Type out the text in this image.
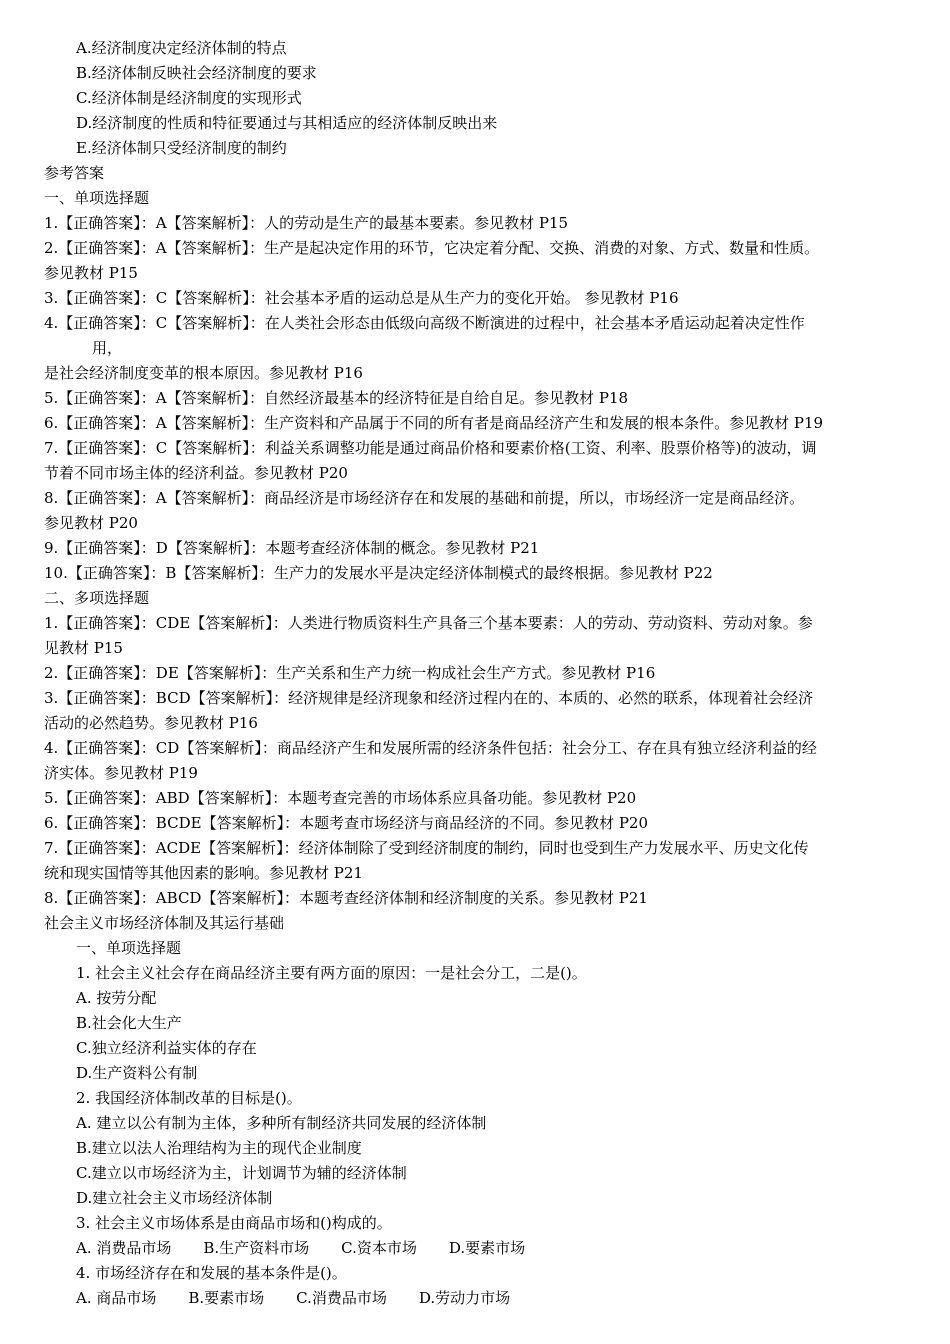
A.经济制度决定经济体制的特点
B.经济体制反映社会经济制度的要求
C.经济体制是经济制度的实现形式
D.经济制度的性质和特征要通过与其相适应的经济体制反映出来
E.经济体制只受经济制度的制约
参考答案
一、单项选择题
1.【正确答案】：A【答案解析】：人的劳动是生产的最基本要素。参见教材 P15
2.【正确答案】：A【答案解析】：生产是起决定作用的环节，它决定着分配、交换、消费的对象、方式、数量和性质。
参见教材 P15
3.【正确答案】：C【答案解析】：社会基本矛盾的运动总是从生产力的变化开始。 参见教材 P16
4.【正确答案】：C【答案解析】：在人类社会形态由低级向高级不断演进的过程中，社会基本矛盾运动起着决定性作
用，
是社会经济制度变革的根本原因。参见教材 P16
5.【正确答案】：A【答案解析】：自然经济最基本的经济特征是自给自足。参见教材 P18
6.【正确答案】：A【答案解析】：生产资料和产品属于不同的所有者是商品经济产生和发展的根本条件。参见教材 P19
7.【正确答案】：C【答案解析】：利益关系调整功能是通过商品价格和要素价格(工资、利率、股票价格等)的波动，调
节着不同市场主体的经济利益。参见教材 P20
8.【正确答案】：A【答案解析】：商品经济是市场经济存在和发展的基础和前提，所以，市场经济一定是商品经济。
参见教材 P20
9.【正确答案】：D【答案解析】：本题考查经济体制的概念。参见教材 P21
10.【正确答案】：B【答案解析】：生产力的发展水平是决定经济体制模式的最终根据。参见教材 P22
二、多项选择题
1.【正确答案】：CDE【答案解析】：人类进行物质资料生产具备三个基本要素：人的劳动、劳动资料、劳动对象。参
见教材 P15
2.【正确答案】：DE【答案解析】：生产关系和生产力统一构成社会生产方式。参见教材 P16
3.【正确答案】：BCD【答案解析】：经济规律是经济现象和经济过程内在的、本质的、必然的联系，体现着社会经济
活动的必然趋势。参见教材 P16
4.【正确答案】：CD【答案解析】：商品经济产生和发展所需的经济条件包括：社会分工、存在具有独立经济利益的经
济实体。参见教材 P19
5.【正确答案】：ABD【答案解析】：本题考查完善的市场体系应具备功能。参见教材 P20
6.【正确答案】：BCDE【答案解析】：本题考查市场经济与商品经济的不同。参见教材 P20
7.【正确答案】：ACDE【答案解析】：经济体制除了受到经济制度的制约，同时也受到生产力发展水平、历史文化传
统和现实国情等其他因素的影响。参见教材 P21
8.【正确答案】：ABCD【答案解析】：本题考查经济体制和经济制度的关系。参见教材 P21
社会主义市场经济体制及其运行基础
一、单项选择题
1. 社会主义社会存在商品经济主要有两方面的原因：一是社会分工，二是()。
A. 按劳分配
B.社会化大生产
C.独立经济利益实体的存在
D.生产资料公有制
2. 我国经济体制改革的目标是()。
A. 建立以公有制为主体，多种所有制经济共同发展的经济体制
B.建立以法人治理结构为主的现代企业制度
C.建立以市场经济为主，计划调节为辅的经济体制
D.建立社会主义市场经济体制
3. 社会主义市场体系是由商品市场和()构成的。
A. 消费品市场 B.生产资料市场 C.资本市场 D.要素市场
4. 市场经济存在和发展的基本条件是()。
A. 商品市场 B.要素市场 C.消费品市场 D.劳动力市场
